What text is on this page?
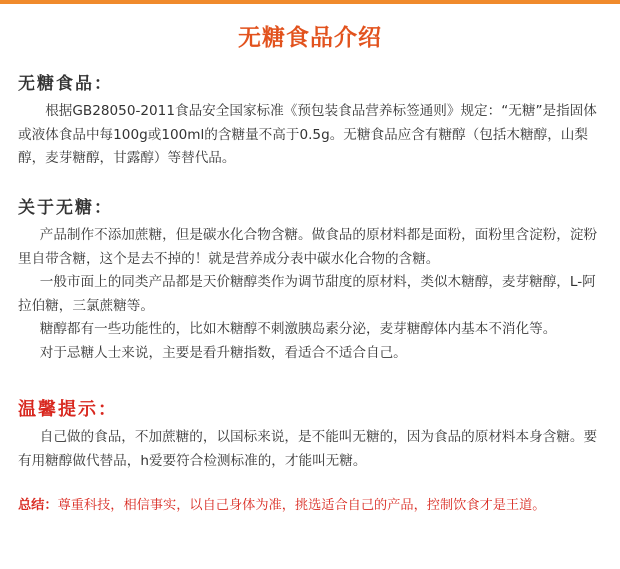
无糖食品介绍
无糖食品：

根据GB28050-2011食品安全国家标准《预包装食品营养标签通则》规定：“无糖”是指固体或液体食品中每100g或100ml的含糖量不高于0.5g。无糖食品应含有糖醇（包括木糖醇，山梨醇，麦芽糖醇，甘露醇）等替代品。

关于无糖：

产品制作不添加蔗糖，但是碳水化合物含糖。做食品的原材料都是面粉，面粉里含淀粉，淀粉里自带含糖，这个是去不掉的！就是营养成分表中碳水化合物的含糖。

一般市面上的同类产品都是天价糖醇类作为调节甜度的原材料，类似木糖醇，麦芽糖醇，L-阿拉伯糖，三氯蔗糖等。

糖醇都有一些功能性的，比如木糖醇不刺激胰岛素分泌，麦芽糖醇体内基本不消化等。

对于忌糖人士来说，主要是看升糖指数，看适合不适合自己。

温馨提示：

自己做的食品，不加蔗糖的，以国标来说，是不能叫无糖的，因为食品的原材料本身含糖。要有用糖醇做代替品，h爱要符合检测标准的，才能叫无糖。

总结：尊重科技，相信事实，以自己身体为准，挑选适合自己的产品，控制饮食才是王道。
